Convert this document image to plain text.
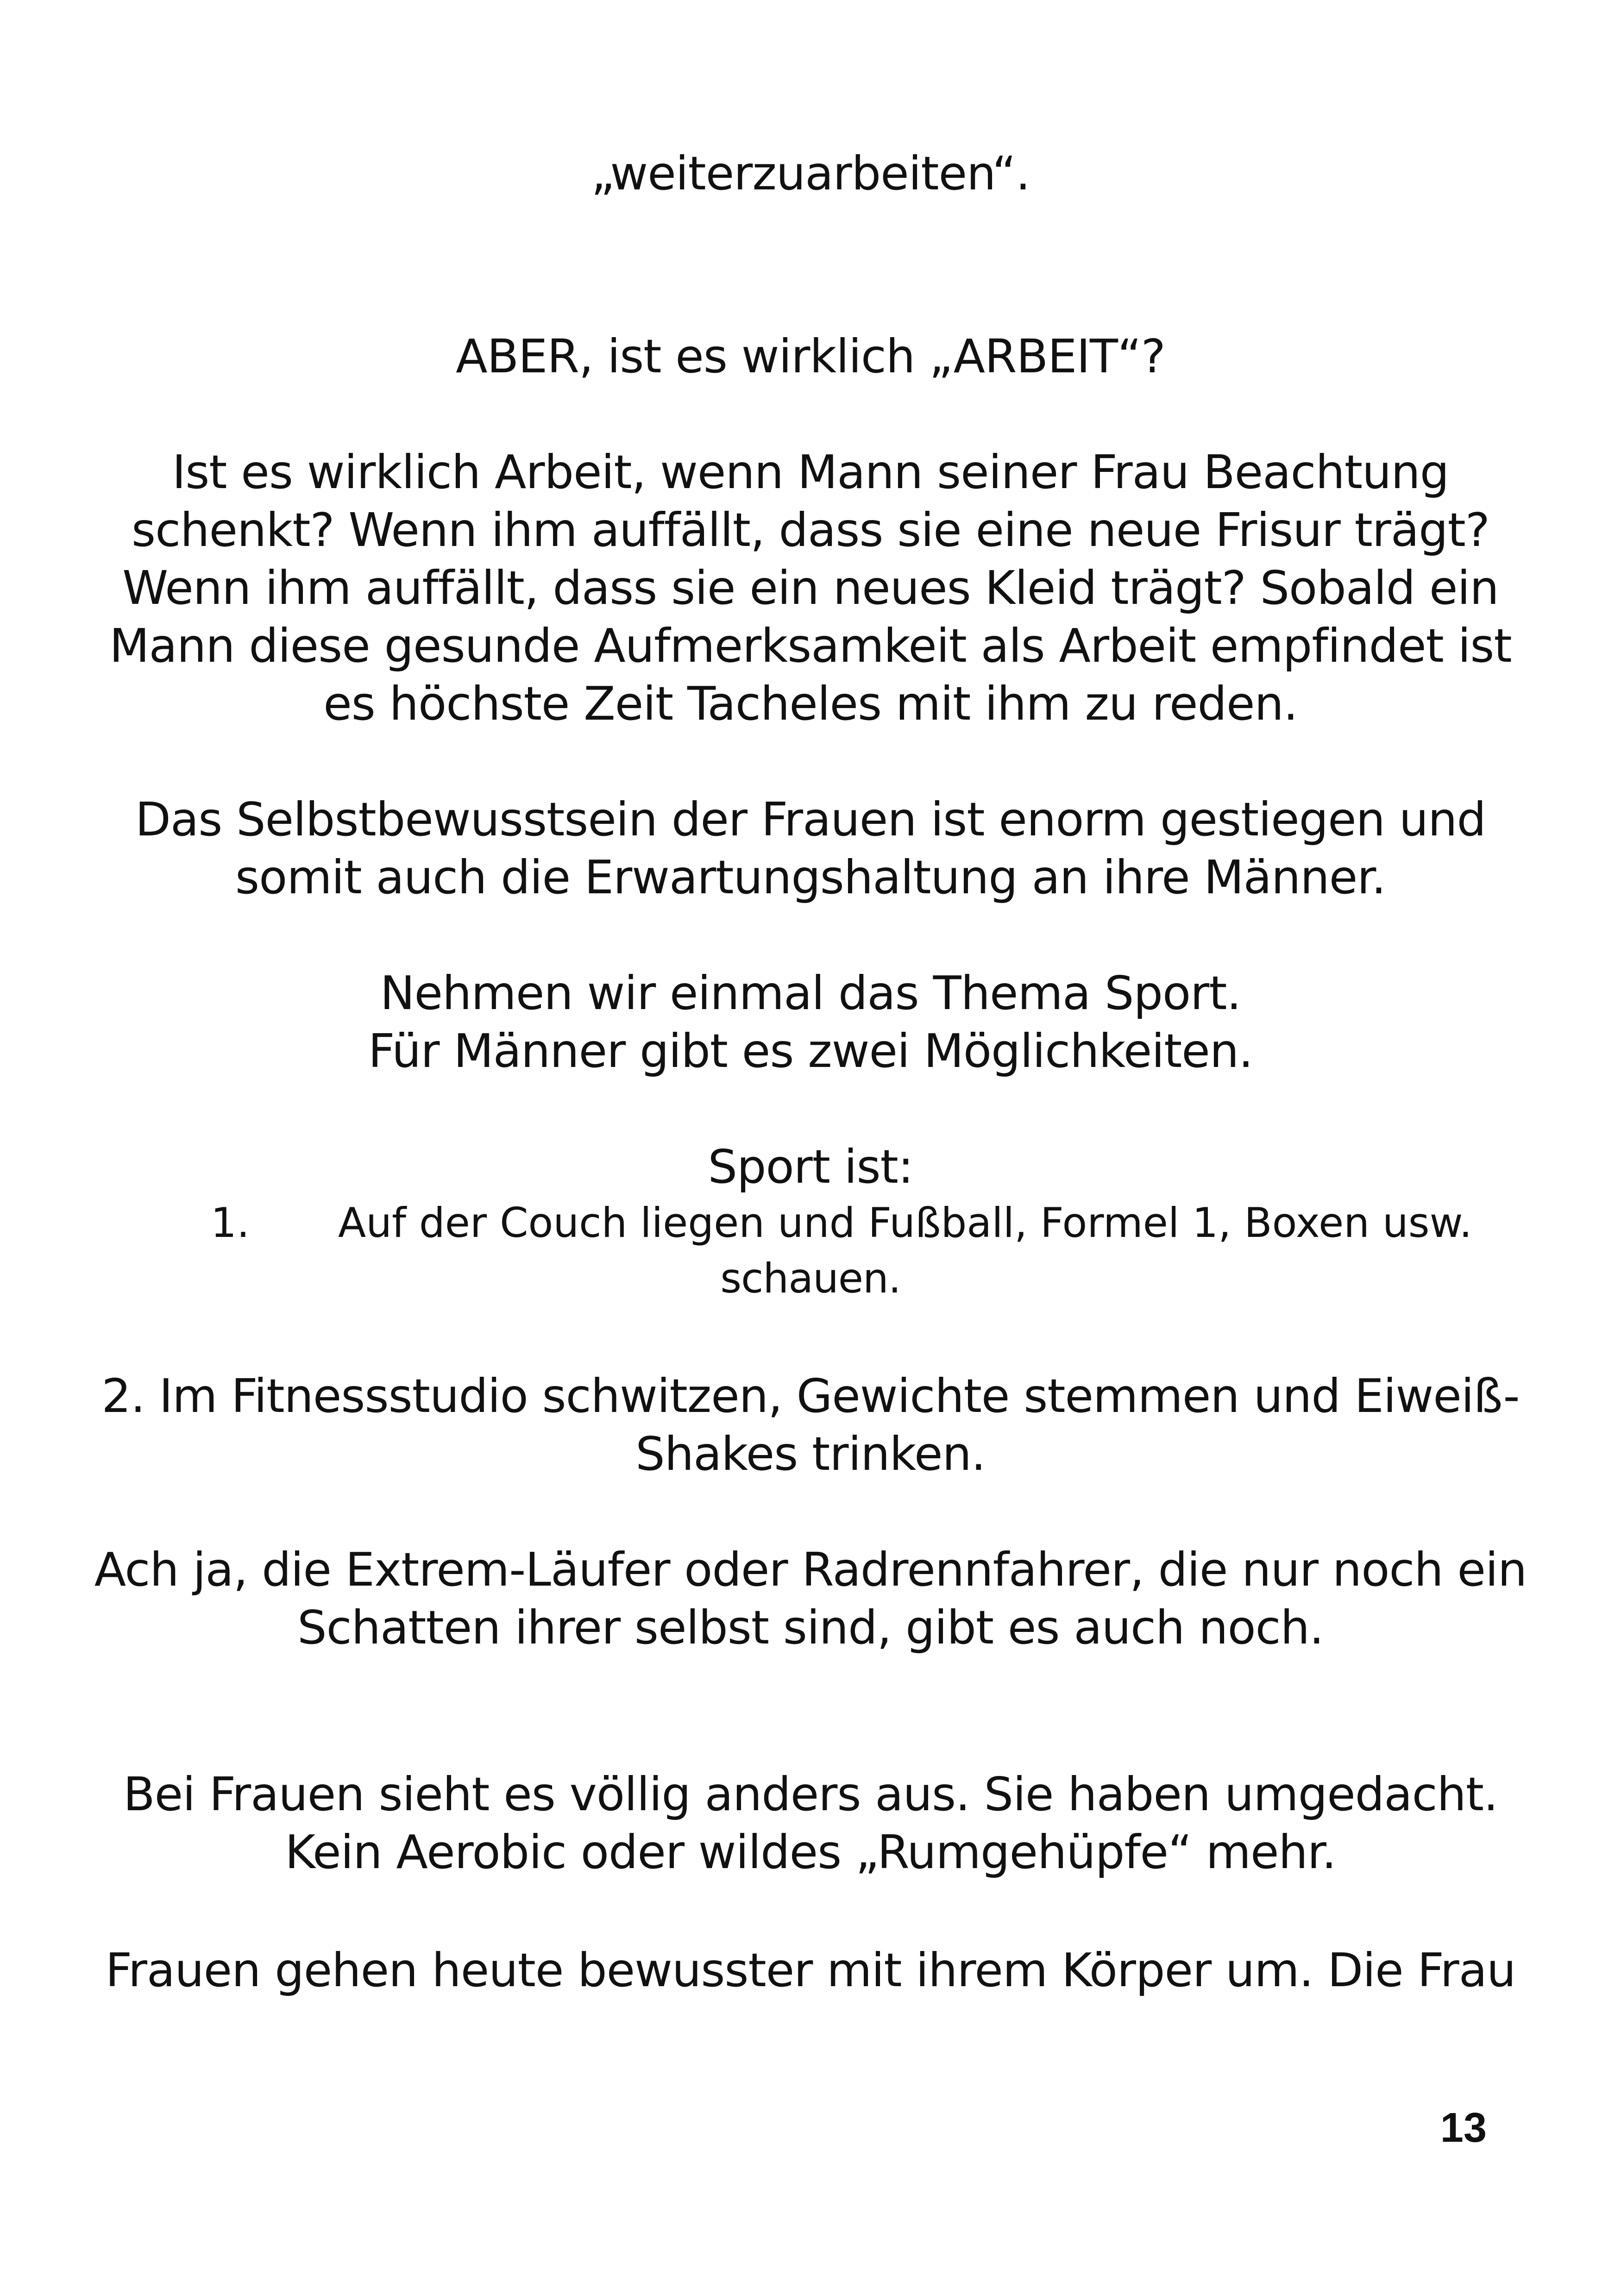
„weiterzuarbeiten“.
ABER, ist es wirklich „ARBEIT“?
Ist es wirklich Arbeit, wenn Mann seiner Frau Beachtung
schenkt? Wenn ihm auffällt, dass sie eine neue Frisur trägt?
Wenn ihm auffällt, dass sie ein neues Kleid trägt? Sobald ein
Mann diese gesunde Aufmerksamkeit als Arbeit empfindet ist
es höchste Zeit Tacheles mit ihm zu reden.
Das Selbstbewusstsein der Frauen ist enorm gestiegen und
somit auch die Erwartungshaltung an ihre Männer.
Nehmen wir einmal das Thema Sport.
Für Männer gibt es zwei Möglichkeiten.
Sport ist:
1. Auf der Couch liegen und Fußball, Formel 1, Boxen usw.
schauen.
2. Im Fitnessstudio schwitzen, Gewichte stemmen und Eiweiß-
Shakes trinken.
Ach ja, die Extrem-Läufer oder Radrennfahrer, die nur noch ein
Schatten ihrer selbst sind, gibt es auch noch.
Bei Frauen sieht es völlig anders aus. Sie haben umgedacht.
Kein Aerobic oder wildes „Rumgehüpfe“ mehr.
Frauen gehen heute bewusster mit ihrem Körper um. Die Frau
13
